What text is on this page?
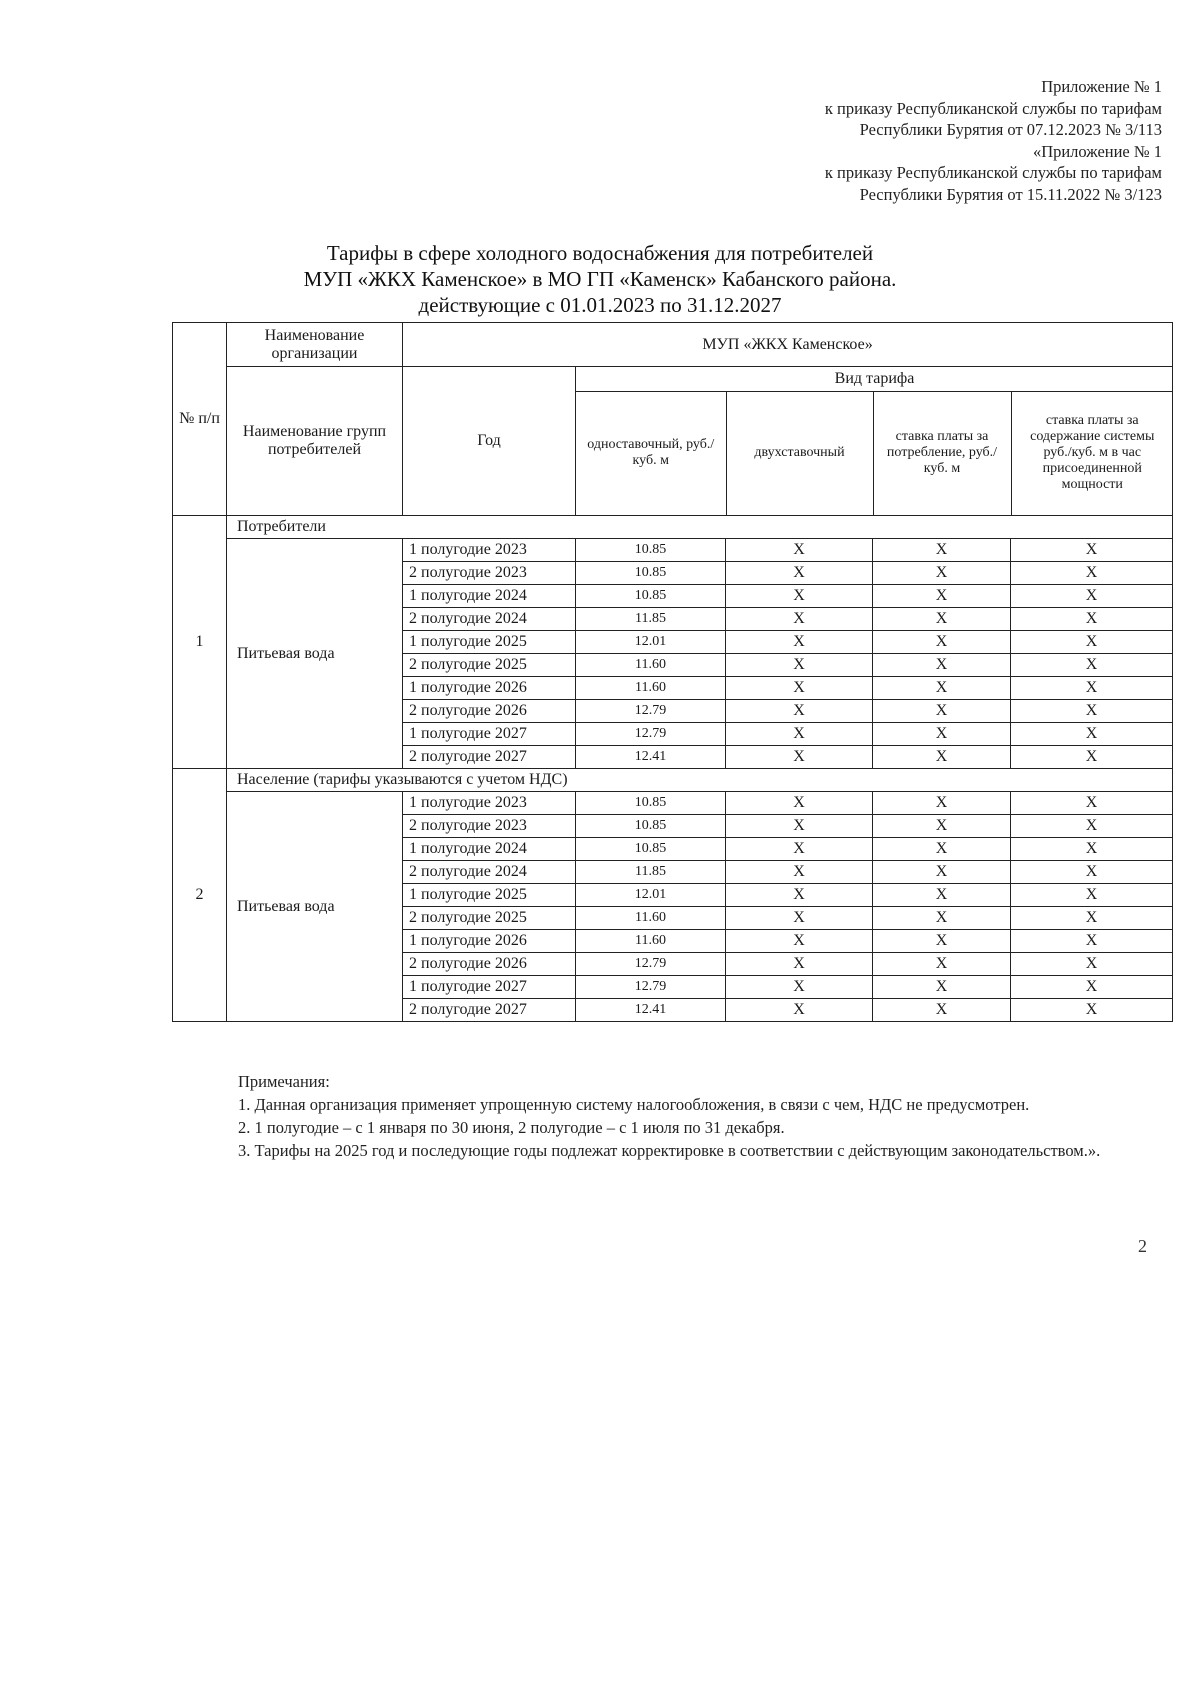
Приложение № 1
к приказу Республиканской службы по тарифам
Республики Бурятия от 07.12.2023 № 3/113
«Приложение № 1
к приказу Республиканской службы по тарифам
Республики Бурятия от 15.11.2022 № 3/123
Тарифы в сфере холодного водоснабжения для потребителей
МУП «ЖКХ Каменское» в МО ГП «Каменск» Кабанского района.
действующие с 01.01.2023 по 31.12.2027
№ п/п	Наименование организации	МУП «ЖКХ Каменское»
Наименование групп потребителей	Год	
Вид тарифа
одноставочный, руб./ куб. м	двухставочный	ставка платы за потребление, руб./ куб. м	ставка платы за содержание системы руб./куб. м в час присоединенной мощности

1	Потребители
Питьевая вода	1 полугодие 2023	10.85	X	X	X
2 полугодие 2023	10.85	X	X	X
1 полугодие 2024	10.85	X	X	X
2 полугодие 2024	11.85	X	X	X
1 полугодие 2025	12.01	X	X	X
2 полугодие 2025	11.60	X	X	X
1 полугодие 2026	11.60	X	X	X
2 полугодие 2026	12.79	X	X	X
1 полугодие 2027	12.79	X	X	X
2 полугодие 2027	12.41	X	X	X
2	Население (тарифы указываются с учетом НДС)
Питьевая вода	1 полугодие 2023	10.85	X	X	X
2 полугодие 2023	10.85	X	X	X
1 полугодие 2024	10.85	X	X	X
2 полугодие 2024	11.85	X	X	X
1 полугодие 2025	12.01	X	X	X
2 полугодие 2025	11.60	X	X	X
1 полугодие 2026	11.60	X	X	X
2 полугодие 2026	12.79	X	X	X
1 полугодие 2027	12.79	X	X	X
2 полугодие 2027	12.41	X	X	X
Примечания:
1. Данная организация применяет упрощенную систему налогообложения, в связи с чем, НДС не предусмотрен.
2. 1 полугодие – с 1 января по 30 июня, 2 полугодие – с 1 июля по 31 декабря.
3. Тарифы на 2025 год и последующие годы подлежат корректировке в соответствии с действующим законодательством.».
2
